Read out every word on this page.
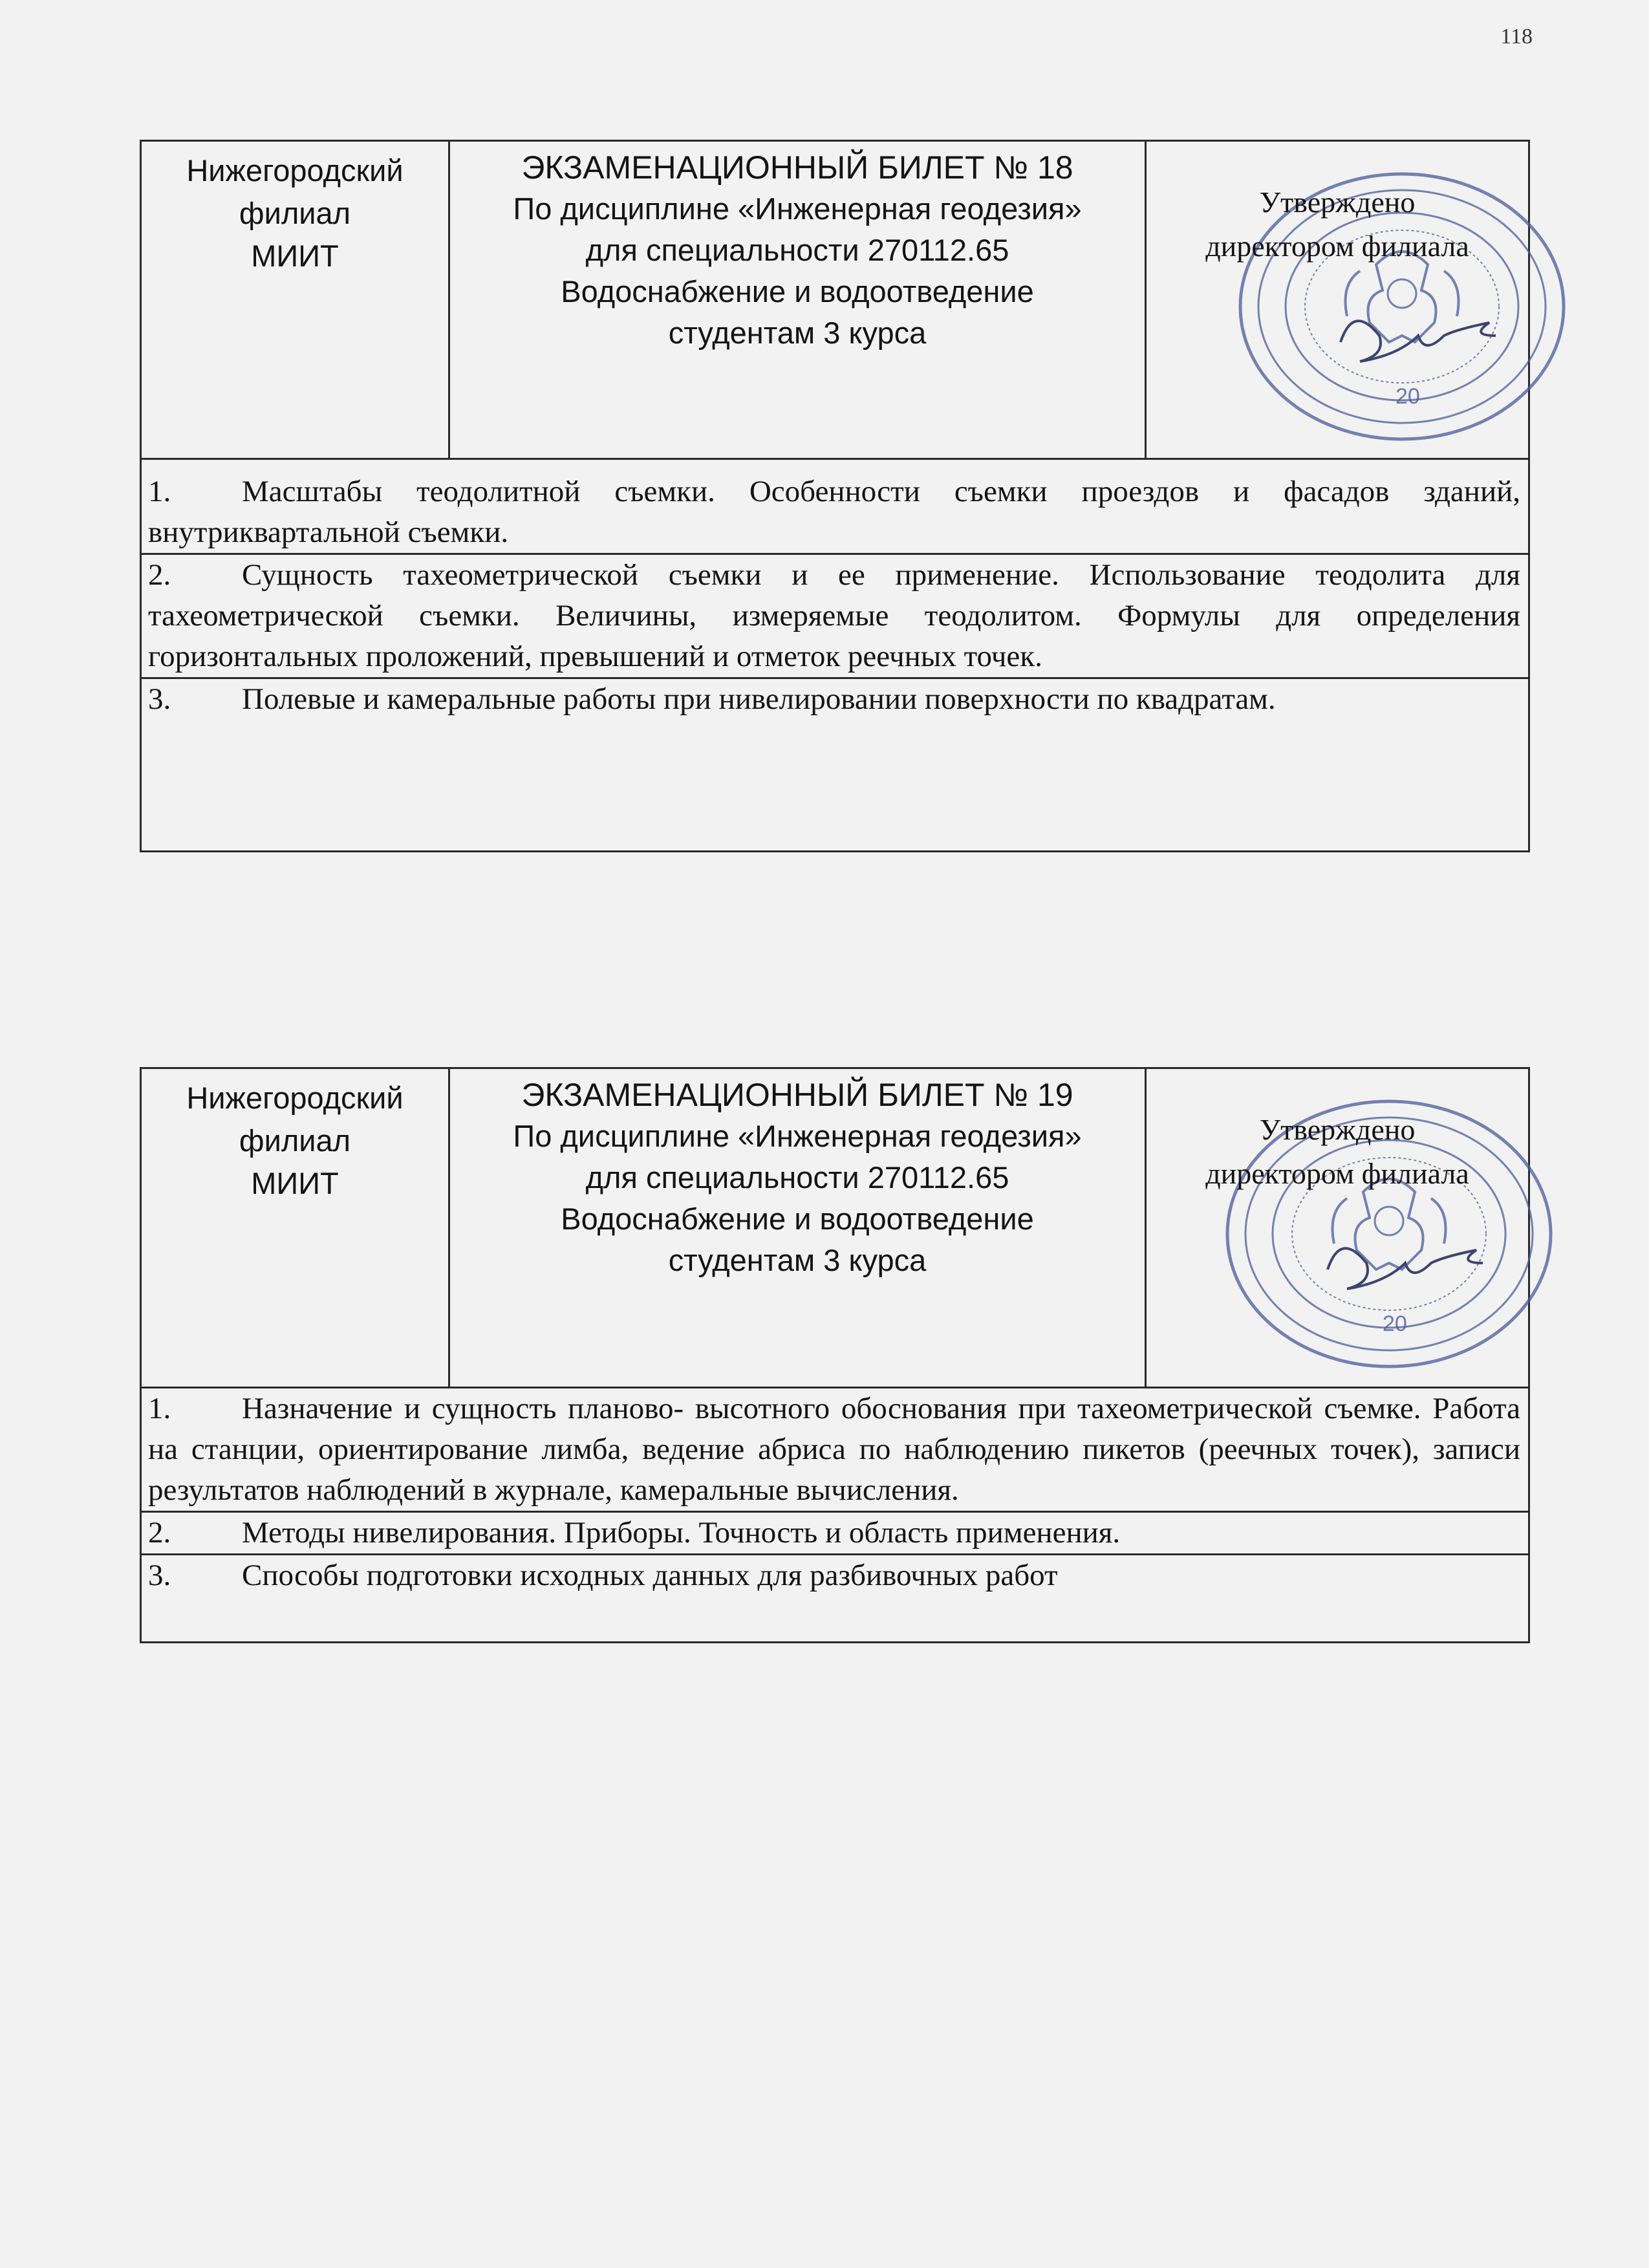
118
Нижегородский
филиал
МИИТ
ЭКЗАМЕНАЦИОННЫЙ БИЛЕТ № 18
По дисциплине «Инженерная геодезия»
для специальности 270112.65
Водоснабжение и водоотведение
студентам 3 курса
20
Утверждено
директором филиала
1. Масштабы теодолитной съемки. Особенности съемки проездов и фасадов зданий, внутриквартальной съемки.
2. Сущность тахеометрической съемки и ее применение. Использование теодолита для тахеометрической съемки. Величины, измеряемые теодолитом. Формулы для определения горизонтальных проложений, превышений и отметок реечных точек.
3. Полевые и камеральные работы при нивелировании поверхности по квадратам.
Нижегородский
филиал
МИИТ
ЭКЗАМЕНАЦИОННЫЙ БИЛЕТ № 19
По дисциплине «Инженерная геодезия»
для специальности 270112.65
Водоснабжение и водоотведение
студентам 3 курса
20
Утверждено
директором филиала
1. Назначение и сущность планово- высотного обоснования при тахеометрической съемке. Работа на станции, ориентирование лимба, ведение абриса по наблюдению пикетов (реечных точек), записи результатов наблюдений в журнале, камеральные вычисления.
2. Методы нивелирования. Приборы. Точность и область применения.
3. Способы подготовки исходных данных для разбивочных работ
